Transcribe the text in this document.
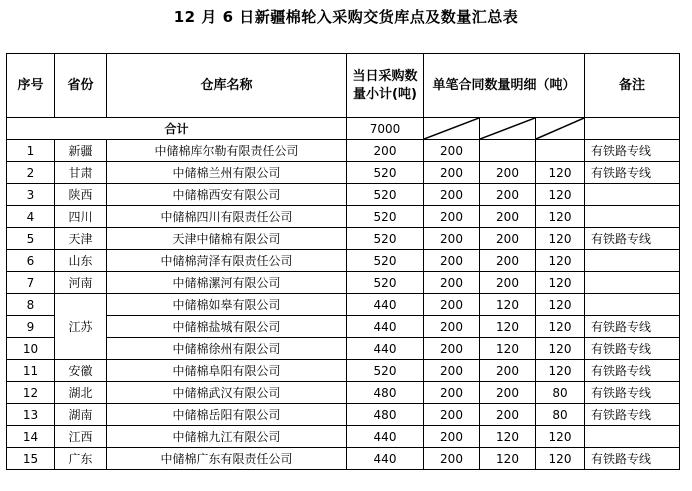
12 月 6 日新疆棉轮入采购交货库点及数量汇总表
序号	省份	仓库名称	当日采购数量小计(吨)	单笔合同数量明细（吨）			备注
合计			7000	

1	新疆	中储棉库尔勒有限责任公司	200	200			有铁路专线
2	甘肃	中储棉兰州有限公司	520	200	200	120	有铁路专线
3	陕西	中储棉西安有限公司	520	200	200	120	
4	四川	中储棉四川有限责任公司	520	200	200	120	
5	天津	天津中储棉有限公司	520	200	200	120	有铁路专线
6	山东	中储棉菏泽有限责任公司	520	200	200	120	
7	河南	中储棉漯河有限公司	520	200	200	120	
8	江苏	中储棉如皋有限公司	440	200	120	120	
9		中储棉盐城有限公司	440	200	120	120	有铁路专线
10		中储棉徐州有限公司	440	200	120	120	有铁路专线
11	安徽	中储棉阜阳有限公司	520	200	200	120	有铁路专线
12	湖北	中储棉武汉有限公司	480	200	200	80	有铁路专线
13	湖南	中储棉岳阳有限公司	480	200	200	80	有铁路专线
14	江西	中储棉九江有限公司	440	200	120	120	
15	广东	中储棉广东有限责任公司	440	200	120	120	有铁路专线
